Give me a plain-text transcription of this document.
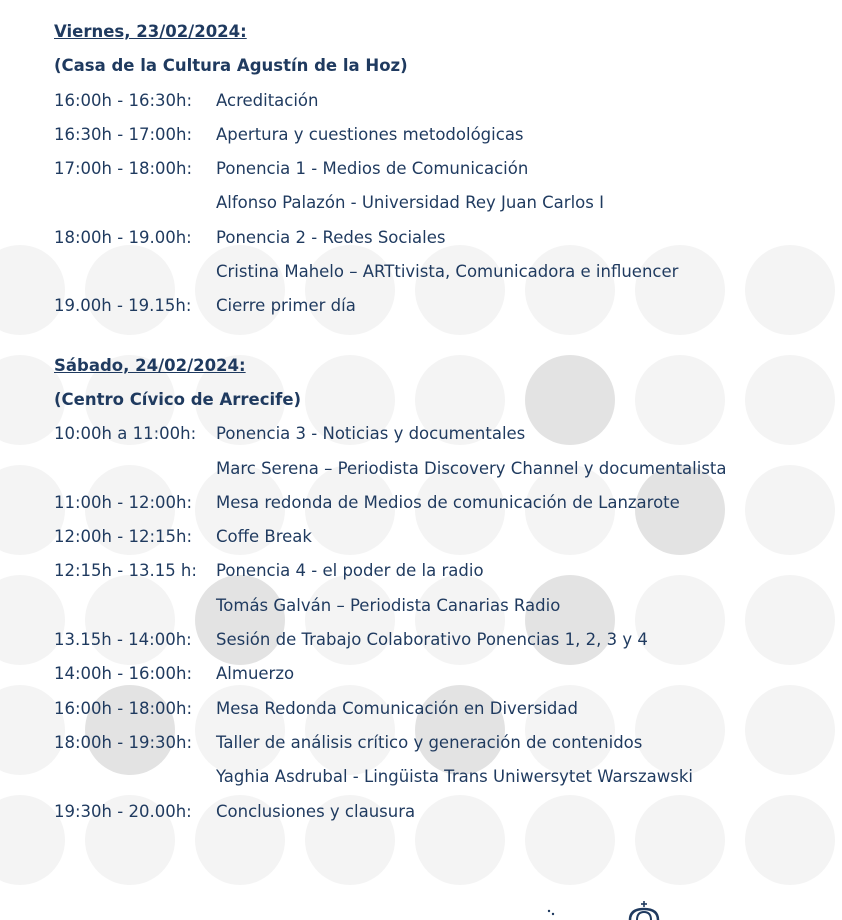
Viernes, 23/02/2024:
(Casa de la Cultura Agustín de la Hoz)
16:00h - 16:30h: Acreditación
16:30h - 17:00h: Apertura y cuestiones metodológicas
17:00h - 18:00h: Ponencia 1 - Medios de Comunicación
Alfonso Palazón - Universidad Rey Juan Carlos I
18:00h - 19.00h: Ponencia 2 - Redes Sociales
Cristina Mahelo – ARTtivista, Comunicadora e influencer
19.00h - 19.15h: Cierre primer día
Sábado, 24/02/2024:
(Centro Cívico de Arrecife)
10:00h a 11:00h: Ponencia 3 - Noticias y documentales
Marc Serena – Periodista Discovery Channel y documentalista
11:00h - 12:00h: Mesa redonda de Medios de comunicación de Lanzarote
12:00h - 12:15h: Coffe Break
12:15h - 13.15 h: Ponencia 4 - el poder de la radio
Tomás Galván – Periodista Canarias Radio
13.15h - 14:00h: Sesión de Trabajo Colaborativo Ponencias 1, 2, 3 y 4
14:00h - 16:00h: Almuerzo
16:00h - 18:00h: Mesa Redonda Comunicación en Diversidad
18:00h - 19:30h: Taller de análisis crítico y generación de contenidos
Yaghia Asdrubal - Lingüista Trans Uniwersytet Warszawski
19:30h - 20.00h: Conclusiones y clausura
